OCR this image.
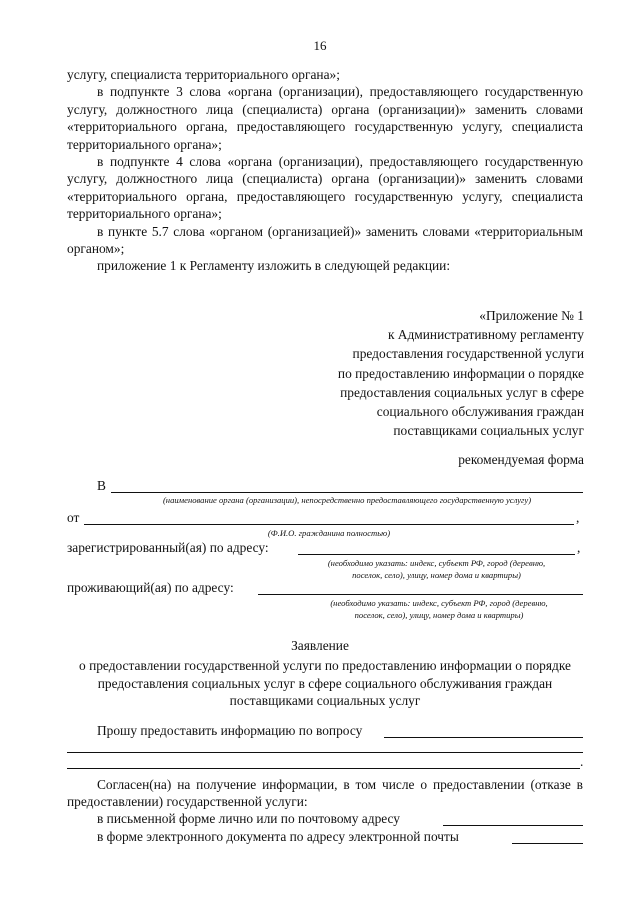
16

услугу, специалиста территориального органа»;

в подпункте 3 слова «органа (организации), предоставляющего государственную услугу, должностного лица (специалиста) органа (организации)» заменить словами «территориального органа, предоставляющего государственную услугу, специалиста территориального органа»;

в подпункте 4 слова «органа (организации), предоставляющего государственную услугу, должностного лица (специалиста) органа (организации)» заменить словами «территориального органа, предоставляющего государственную услугу, специалиста территориального органа»;

в пункте 5.7 слова «органом (организацией)» заменить словами «территориальным органом»;

приложение 1 к Регламенту изложить в следующей редакции:

«Приложение № 1
к Административному регламенту
предоставления государственной услуги
по предоставлению информации о порядке
предоставления социальных услуг в сфере
социального обслуживания граждан
поставщиками социальных услуг
рекомендуемая форма
В
(наименование органа (организации), непосредственно предоставляющего государственную услугу)
от	,
(Ф.И.О. гражданина полностью)
зарегистрированный(ая) по адресу:	,
(необходимо указать: индекс, субъект РФ, город (деревню,
поселок, село), улицу, номер дома и квартиры)
проживающий(ая) по адресу:
(необходимо указать: индекс, субъект РФ, город (деревню,
поселок, село), улицу, номер дома и квартиры)
Заявление
о предоставлении государственной услуги по предоставлению информации о порядке предоставления социальных услуг в сфере социального обслуживания граждан поставщиками социальных услуг
Прошу предоставить информацию по вопросу
.

Согласен(на) на получение информации, в том числе о предоставлении (отказе в предоставлении) государственной услуги:

в письменной форме лично или по почтовому адресу
в форме электронного документа по адресу электронной почты
